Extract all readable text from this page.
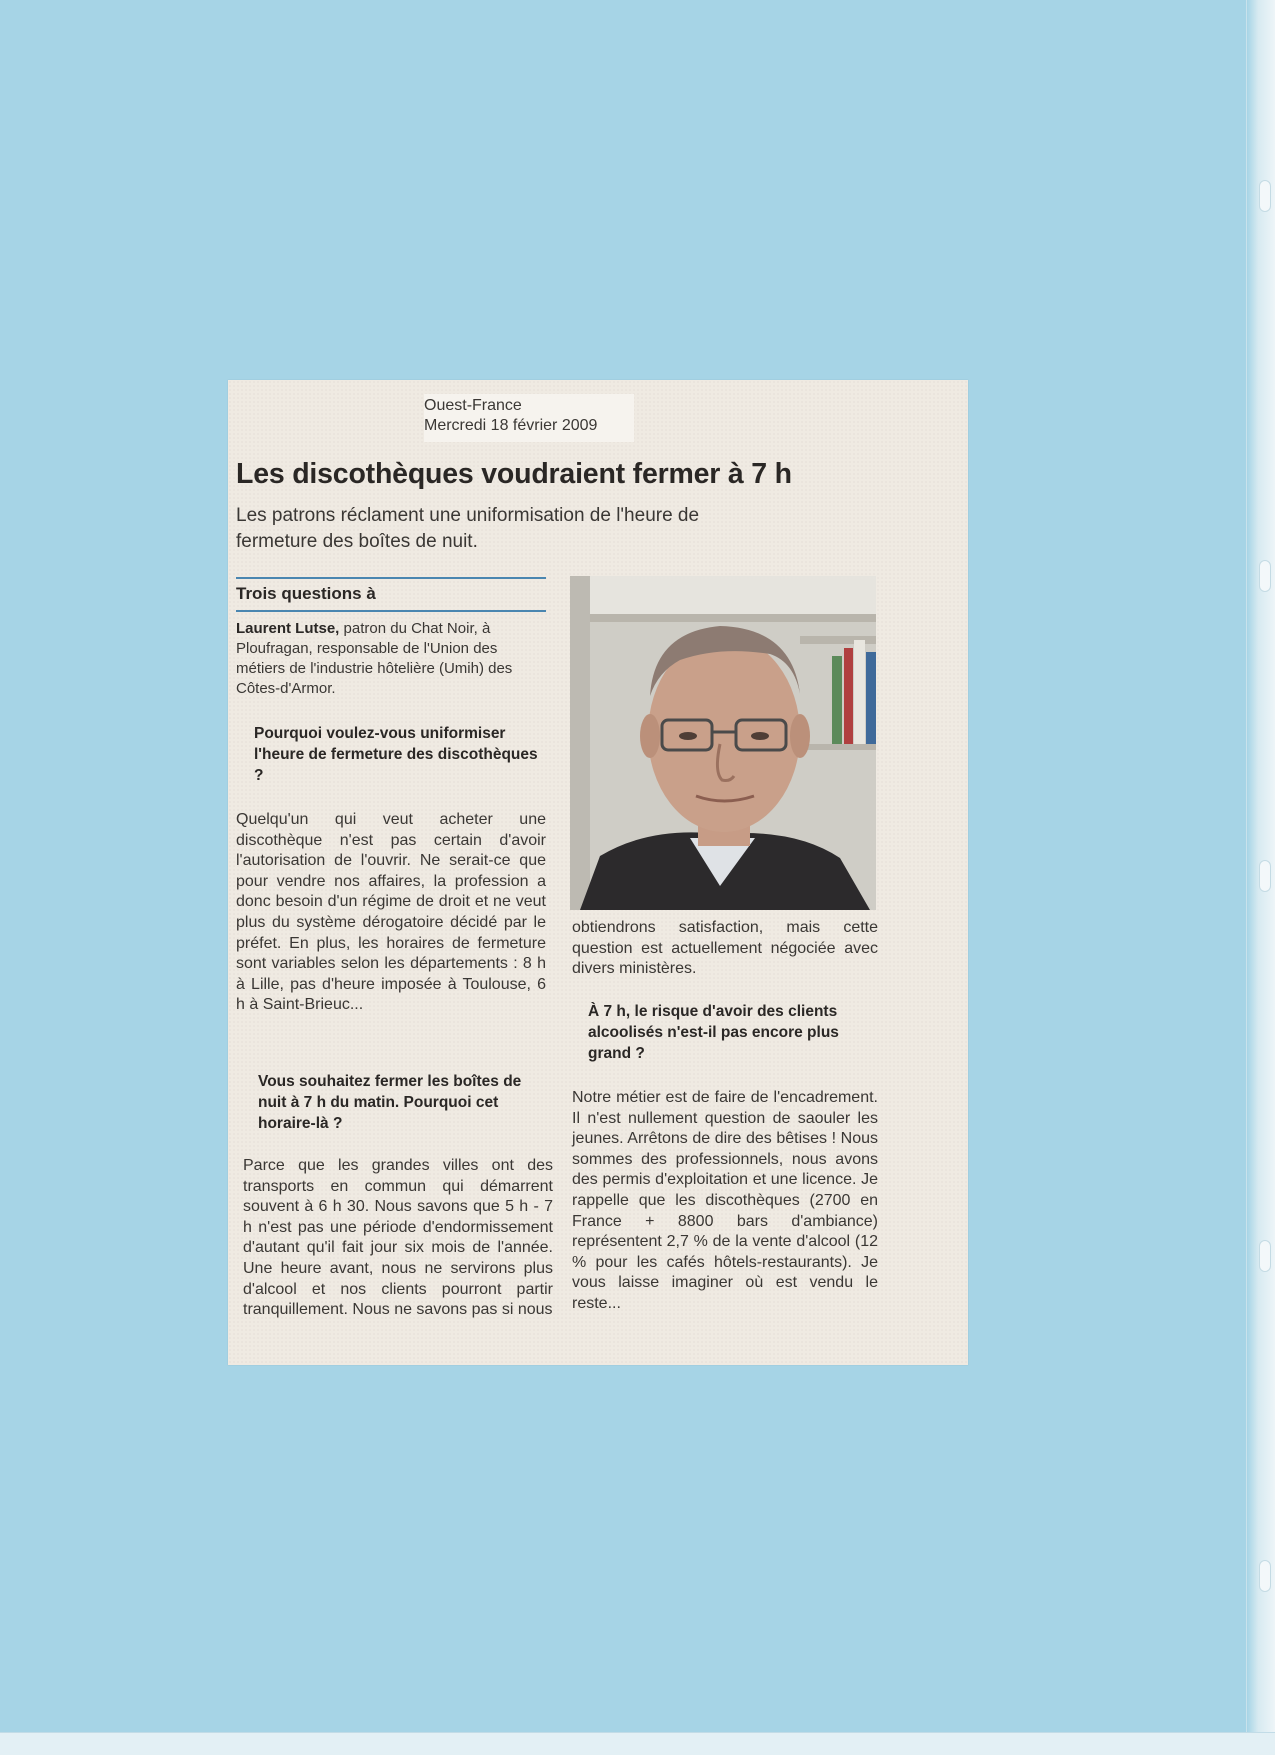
Ouest-France
Mercredi 18 février 2009
Les discothèques voudraient fermer à 7 h

Les patrons réclament une uniformisation de l'heure de fermeture des boîtes de nuit.

Trois questions à

Laurent Lutse, patron du Chat Noir, à Ploufragan, responsable de l'Union des métiers de l'industrie hôtelière (Umih) des Côtes-d'Armor.

Pourquoi voulez-vous uniformiser l'heure de fermeture des discothèques ?

Quelqu'un qui veut acheter une discothèque n'est pas certain d'avoir l'autorisation de l'ouvrir. Ne serait-ce que pour vendre nos affaires, la profession a donc besoin d'un régime de droit et ne veut plus du système dérogatoire décidé par le préfet. En plus, les horaires de fermeture sont variables selon les départements : 8 h à Lille, pas d'heure imposée à Toulouse, 6 h à Saint-Brieuc...

Vous souhaitez fermer les boîtes de nuit à 7 h du matin. Pourquoi cet horaire-là ?

Parce que les grandes villes ont des transports en commun qui démarrent souvent à 6 h 30. Nous savons que 5 h - 7 h n'est pas une période d'endormissement d'autant qu'il fait jour six mois de l'année. Une heure avant, nous ne servirons plus d'alcool et nos clients pourront partir tranquillement. Nous ne savons pas si nous

obtiendrons satisfaction, mais cette question est actuellement négociée avec divers ministères.

À 7 h, le risque d'avoir des clients alcoolisés n'est-il pas encore plus grand ?

Notre métier est de faire de l'encadrement. Il n'est nullement question de saouler les jeunes. Arrêtons de dire des bêtises ! Nous sommes des professionnels, nous avons des permis d'exploitation et une licence. Je rappelle que les discothèques (2700 en France + 8800 bars d'ambiance) représentent 2,7 % de la vente d'alcool (12 % pour les cafés hôtels-restaurants). Je vous laisse imaginer où est vendu le reste...
